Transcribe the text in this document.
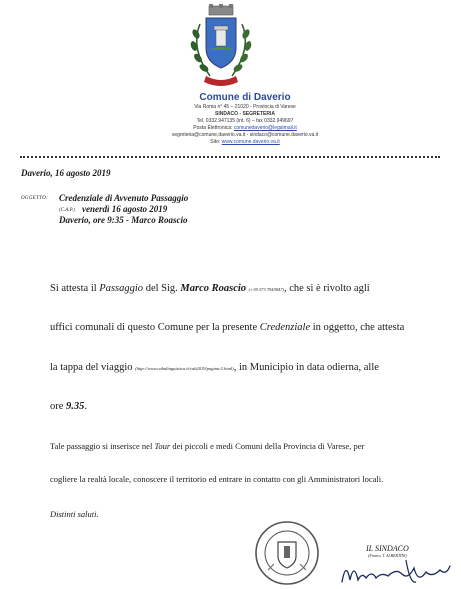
Comune di Daverio
Via Roma n° 45 – 21020 - Provincia di Varese
SINDACO - SEGRETERIA
Tel. 0332.947135 (int. 6) – fax 0332.949697
Posta Elettronica: comunedaverio@legalmail.it
segreteria@comune.daverio.va.it - sindaco@comune.daverio.va.it
Sito: www.comune.daverio.va.it
Daverio, 16 agosto 2019
OGGETTO: Credenziale di Avvenuto Passaggio
(C.A.P.) venerdì 16 agosto 2019
Daverio, ore 9:35 - Marco Roascio
Si attesta il Passaggio del Sig. Marco Roascio (+39.373.7943847), che si è rivolto agli
uffici comunali di questo Comune per la presente Credenziale in oggetto, che attesta
la tappa del viaggio (http://www.cabalinguistica.it/cab2019/pagina-2.html), in Municipio in data odierna, alle
ore 9.35.
Tale passaggio si inserisce nel Tour dei piccoli e medi Comuni della Provincia di Varese, per
cogliere la realtà locale, conoscere il territorio ed entrare in contatto con gli Amministratori locali.
Distinti saluti.
IL SINDACO
(Franco T. ALBERTINI)
